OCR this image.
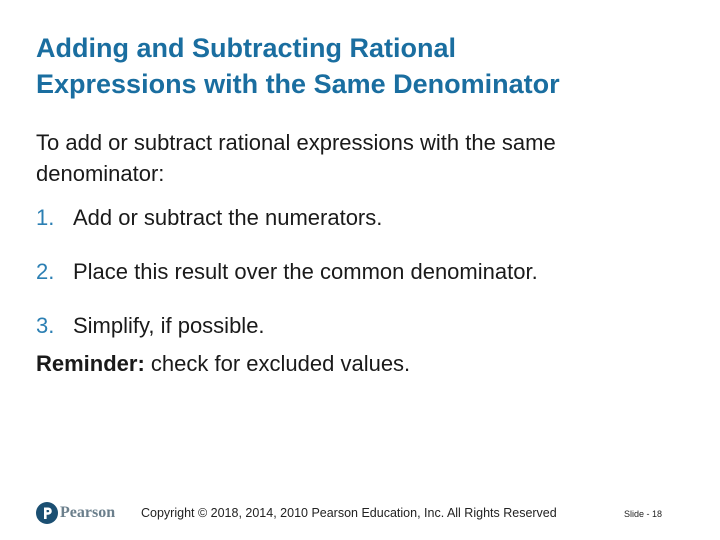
Adding and Subtracting Rational
Expressions with the Same Denominator
To add or subtract rational expressions with the same
denominator:
1. Add or subtract the numerators.
2. Place this result over the common denominator.
3. Simplify, if possible.
Reminder: check for excluded values.
Pearson Copyright © 2018, 2014, 2010 Pearson Education, Inc. All Rights Reserved	Slide - 18
